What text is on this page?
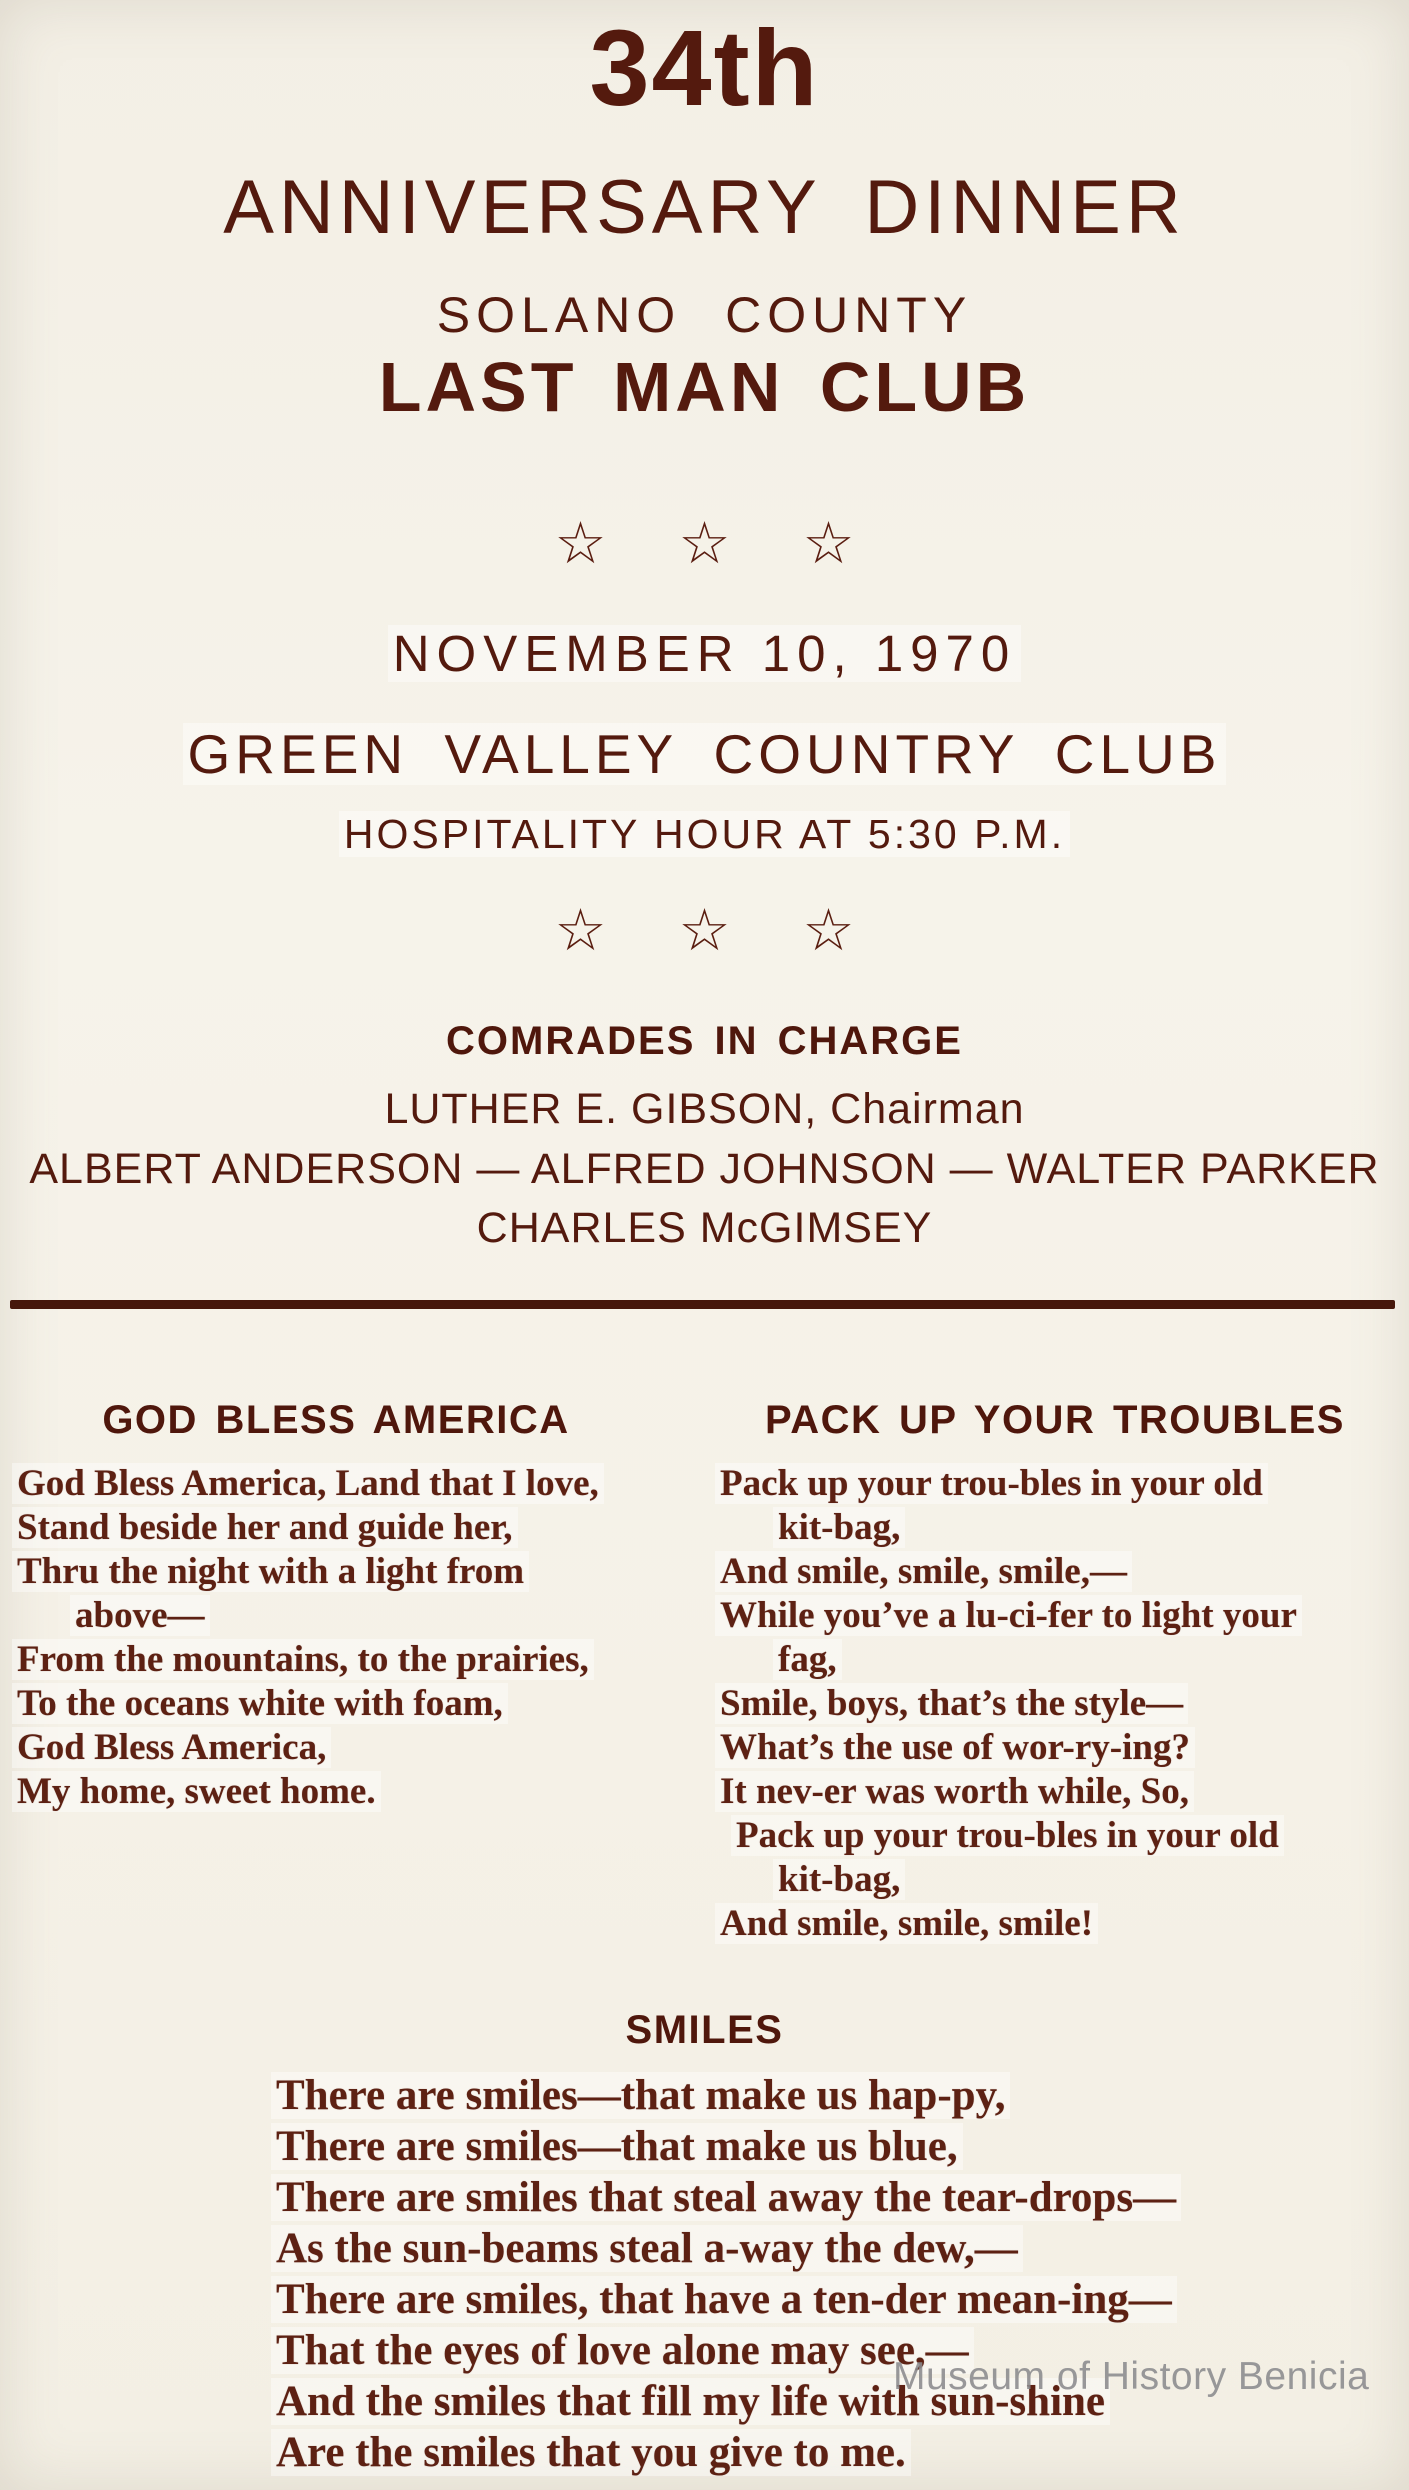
34th
ANNIVERSARY DINNER
SOLANO COUNTY
LAST MAN CLUB
☆ ☆ ☆
NOVEMBER 10, 1970
GREEN VALLEY COUNTRY CLUB
HOSPITALITY HOUR AT 5:30 P.M.
☆ ☆ ☆
COMRADES IN CHARGE
LUTHER E. GIBSON, Chairman
ALBERT ANDERSON — ALFRED JOHNSON — WALTER PARKER
CHARLES McGIMSEY
GOD BLESS AMERICA
God Bless America, Land that I love,
Stand beside her and guide her,
Thru the night with a light from
above—
From the mountains, to the prairies,
To the oceans white with foam,
God Bless America,
My home, sweet home.
PACK UP YOUR TROUBLES
Pack up your trou-bles in your old
kit-bag,
And smile, smile, smile,—
While you’ve a lu-ci-fer to light your
fag,
Smile, boys, that’s the style—
What’s the use of wor-ry-ing?
It nev-er was worth while, So,
Pack up your trou-bles in your old
kit-bag,
And smile, smile, smile!
SMILES
There are smiles—that make us hap-py,
There are smiles—that make us blue,
There are smiles that steal away the tear-drops—
As the sun-beams steal a-way the dew,—
There are smiles, that have a ten-der mean-ing—
That the eyes of love alone may see,—
And the smiles that fill my life with sun-shine
Are the smiles that you give to me.
Museum of History Benicia
